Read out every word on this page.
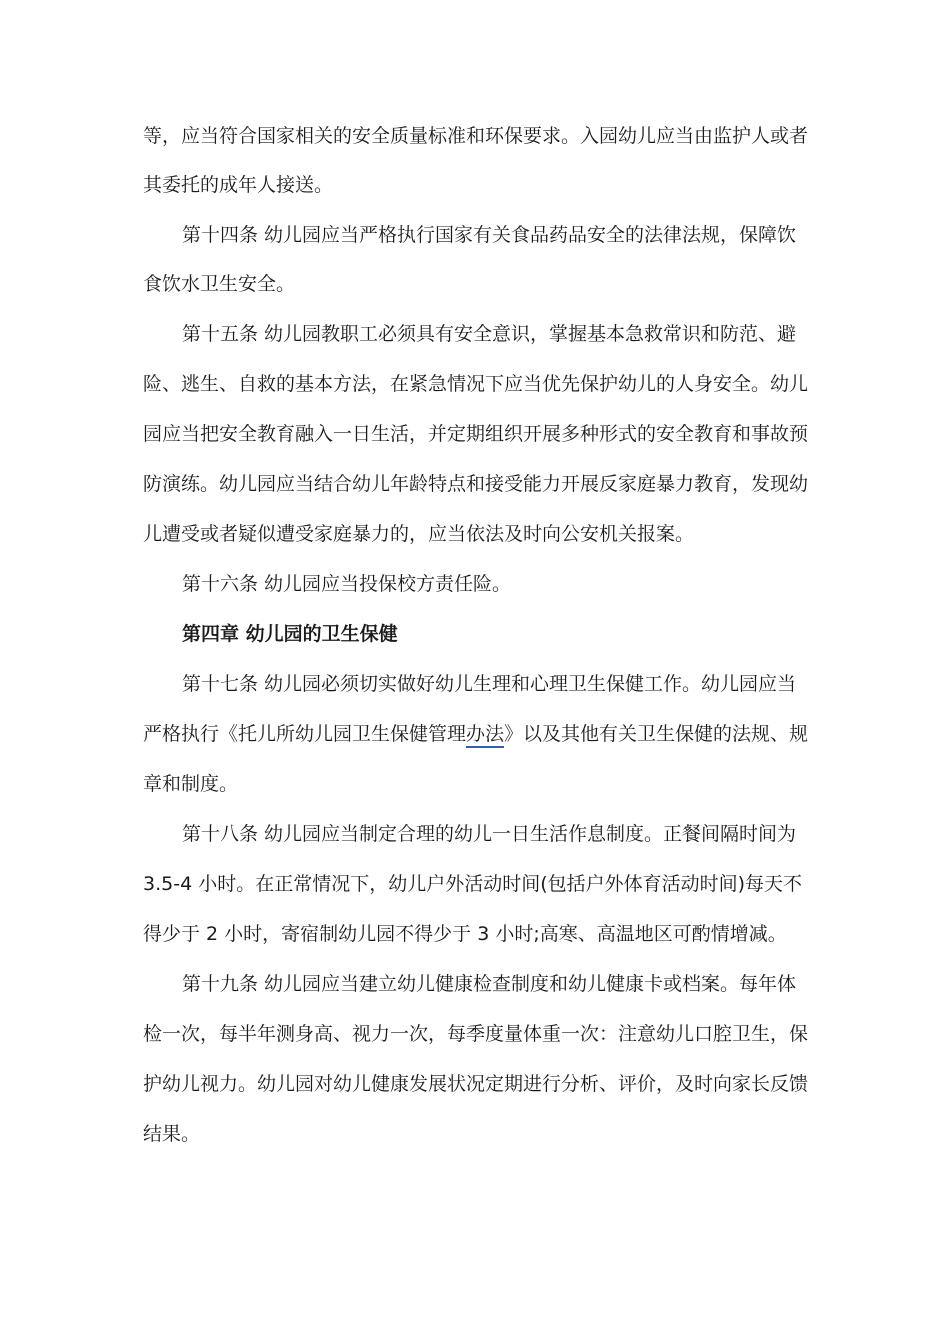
等，应当符合国家相关的安全质量标准和环保要求。入园幼儿应当由监护人或者
其委托的成年人接送。
第十四条 幼儿园应当严格执行国家有关食品药品安全的法律法规，保障饮
食饮水卫生安全。
第十五条 幼儿园教职工必须具有安全意识，掌握基本急救常识和防范、避
险、逃生、自救的基本方法，在紧急情况下应当优先保护幼儿的人身安全。幼儿
园应当把安全教育融入一日生活，并定期组织开展多种形式的安全教育和事故预
防演练。幼儿园应当结合幼儿年龄特点和接受能力开展反家庭暴力教育，发现幼
儿遭受或者疑似遭受家庭暴力的，应当依法及时向公安机关报案。
第十六条 幼儿园应当投保校方责任险。
第四章 幼儿园的卫生保健
第十七条 幼儿园必须切实做好幼儿生理和心理卫生保健工作。幼儿园应当
严格执行《托儿所幼儿园卫生保健管理办法》以及其他有关卫生保健的法规、规
章和制度。
第十八条 幼儿园应当制定合理的幼儿一日生活作息制度。正餐间隔时间为
3.5-4 小时。在正常情况下，幼儿户外活动时间(包括户外体育活动时间)每天不
得少于 2 小时，寄宿制幼儿园不得少于 3 小时;高寒、高温地区可酌情增减。
第十九条 幼儿园应当建立幼儿健康检查制度和幼儿健康卡或档案。每年体
检一次，每半年测身高、视力一次，每季度量体重一次：注意幼儿口腔卫生，保
护幼儿视力。幼儿园对幼儿健康发展状况定期进行分析、评价，及时向家长反馈
结果。
